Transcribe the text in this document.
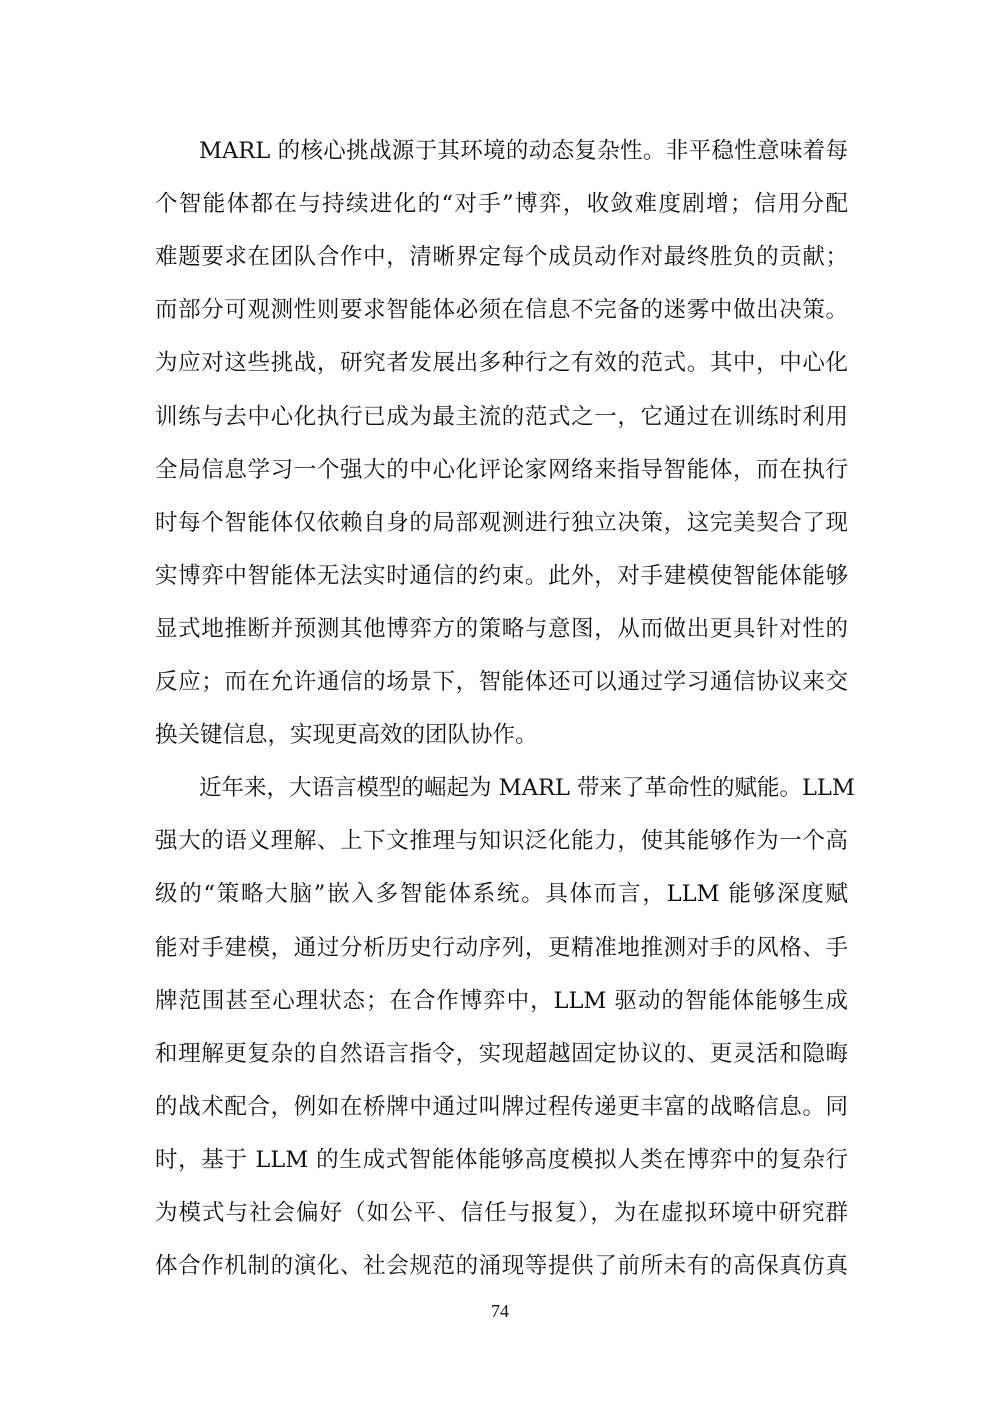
MARL 的核心挑战源于其环境的动态复杂性。非平稳性意味着每
个智能体都在与持续进化的“对手”博弈，收敛难度剧增；信用分配
难题要求在团队合作中，清晰界定每个成员动作对最终胜负的贡献；
而部分可观测性则要求智能体必须在信息不完备的迷雾中做出决策。
为应对这些挑战，研究者发展出多种行之有效的范式。其中，中心化
训练与去中心化执行已成为最主流的范式之一，它通过在训练时利用
全局信息学习一个强大的中心化评论家网络来指导智能体，而在执行
时每个智能体仅依赖自身的局部观测进行独立决策，这完美契合了现
实博弈中智能体无法实时通信的约束。此外，对手建模使智能体能够
显式地推断并预测其他博弈方的策略与意图，从而做出更具针对性的
反应；而在允许通信的场景下，智能体还可以通过学习通信协议来交
换关键信息，实现更高效的团队协作。
近年来，大语言模型的崛起为 MARL 带来了革命性的赋能。LLM
强大的语义理解、上下文推理与知识泛化能力，使其能够作为一个高
级的“策略大脑”嵌入多智能体系统。具体而言，LLM 能够深度赋
能对手建模，通过分析历史行动序列，更精准地推测对手的风格、手
牌范围甚至心理状态；在合作博弈中，LLM 驱动的智能体能够生成
和理解更复杂的自然语言指令，实现超越固定协议的、更灵活和隐晦
的战术配合，例如在桥牌中通过叫牌过程传递更丰富的战略信息。同
时，基于 LLM 的生成式智能体能够高度模拟人类在博弈中的复杂行
为模式与社会偏好（如公平、信任与报复），为在虚拟环境中研究群
体合作机制的演化、社会规范的涌现等提供了前所未有的高保真仿真
74
